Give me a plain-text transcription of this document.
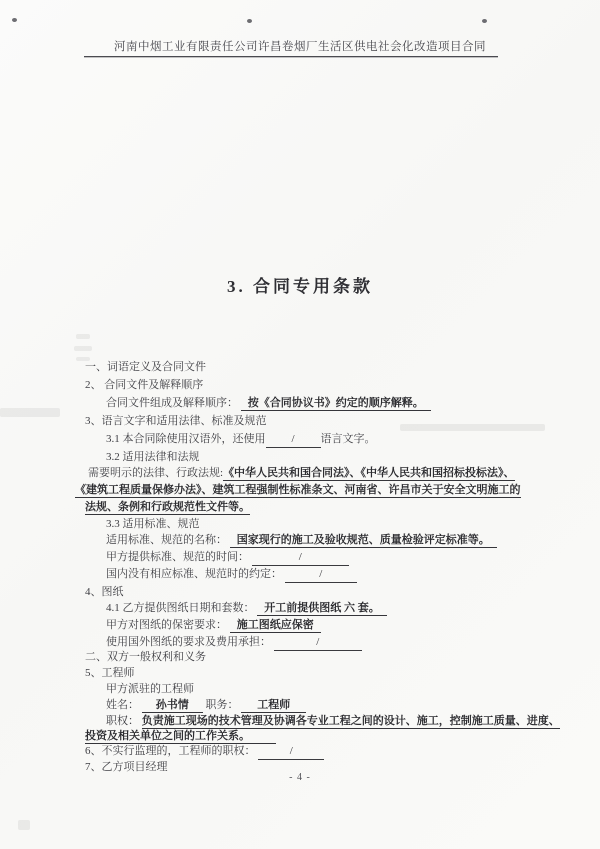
河南中烟工业有限责任公司许昌卷烟厂生活区供电社会化改造项目合同
3. 合同专用条款
一、词语定义及合同文件
2、 合同文件及解释顺序
合同文件组成及解释顺序： 按《合同协议书》约定的顺序解释。
3、语言文字和适用法律、标准及规范
3.1 本合同除使用汉语外，还使用 / 语言文字。
3.2 适用法律和法规
需要明示的法律、行政法规:《中华人民共和国合同法》、《中华人民共和国招标投标法》、
《建筑工程质量保修办法》、建筑工程强制性标准条文、河南省、许昌市关于安全文明施工的
法规、条例和行政规范性文件等。
3.3 适用标准、规范
适用标准、规范的名称： 国家现行的施工及验收规范、质量检验评定标准等。
甲方提供标准、规范的时间：	/
国内没有相应标准、规范时的约定：	/
4、图纸
4.1 乙方提供图纸日期和套数： 开工前提供图纸 六 套。
甲方对图纸的保密要求： 施工图纸应保密
使用国外图纸的要求及费用承担：	/
二、双方一般权利和义务
5、工程师
甲方派驻的工程师
姓名： 孙书情 职务： 工程师
职权： 负责施工现场的技术管理及协调各专业工程之间的设计、施工，控制施工质量、进度、
投资及相关单位之间的工作关系。
6、不实行监理的，工程师的职权：	/
7、乙方项目经理
- 4 -
